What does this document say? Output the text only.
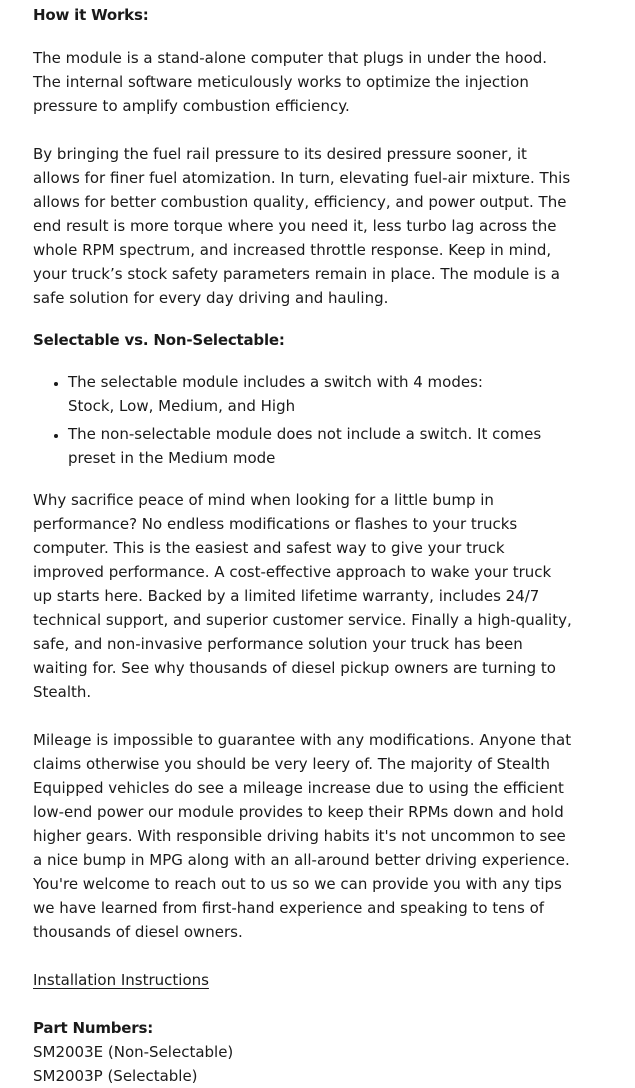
How it Works:

The module is a stand-alone computer that plugs in under the hood. The internal software meticulously works to optimize the injection pressure to amplify combustion efficiency.

By bringing the fuel rail pressure to its desired pressure sooner, it allows for finer fuel atomization. In turn, elevating fuel-air mixture. This allows for better combustion quality, efficiency, and power output. The end result is more torque where you need it, less turbo lag across the whole RPM spectrum, and increased throttle response. Keep in mind, your truck’s stock safety parameters remain in place. The module is a safe solution for every day driving and hauling.

Selectable vs. Non-Selectable:

• The selectable module includes a switch with 4 modes:
Stock, Low, Medium, and High
• The non-selectable module does not include a switch. It comes preset in the Medium mode

Why sacrifice peace of mind when looking for a little bump in performance? No endless modifications or flashes to your trucks computer. This is the easiest and safest way to give your truck improved performance. A cost-effective approach to wake your truck up starts here. Backed by a limited lifetime warranty, includes 24/7 technical support, and superior customer service. Finally a high-quality, safe, and non-invasive performance solution your truck has been waiting for. See why thousands of diesel pickup owners are turning to Stealth.

Mileage is impossible to guarantee with any modifications. Anyone that claims otherwise you should be very leery of. The majority of Stealth Equipped vehicles do see a mileage increase due to using the efficient low-end power our module provides to keep their RPMs down and hold higher gears. With responsible driving habits it's not uncommon to see a nice bump in MPG along with an all-around better driving experience. You're welcome to reach out to us so we can provide you with any tips we have learned from first-hand experience and speaking to tens of thousands of diesel owners.

Installation Instructions

Part Numbers:

SM2003E (Non-Selectable)

SM2003P (Selectable)
